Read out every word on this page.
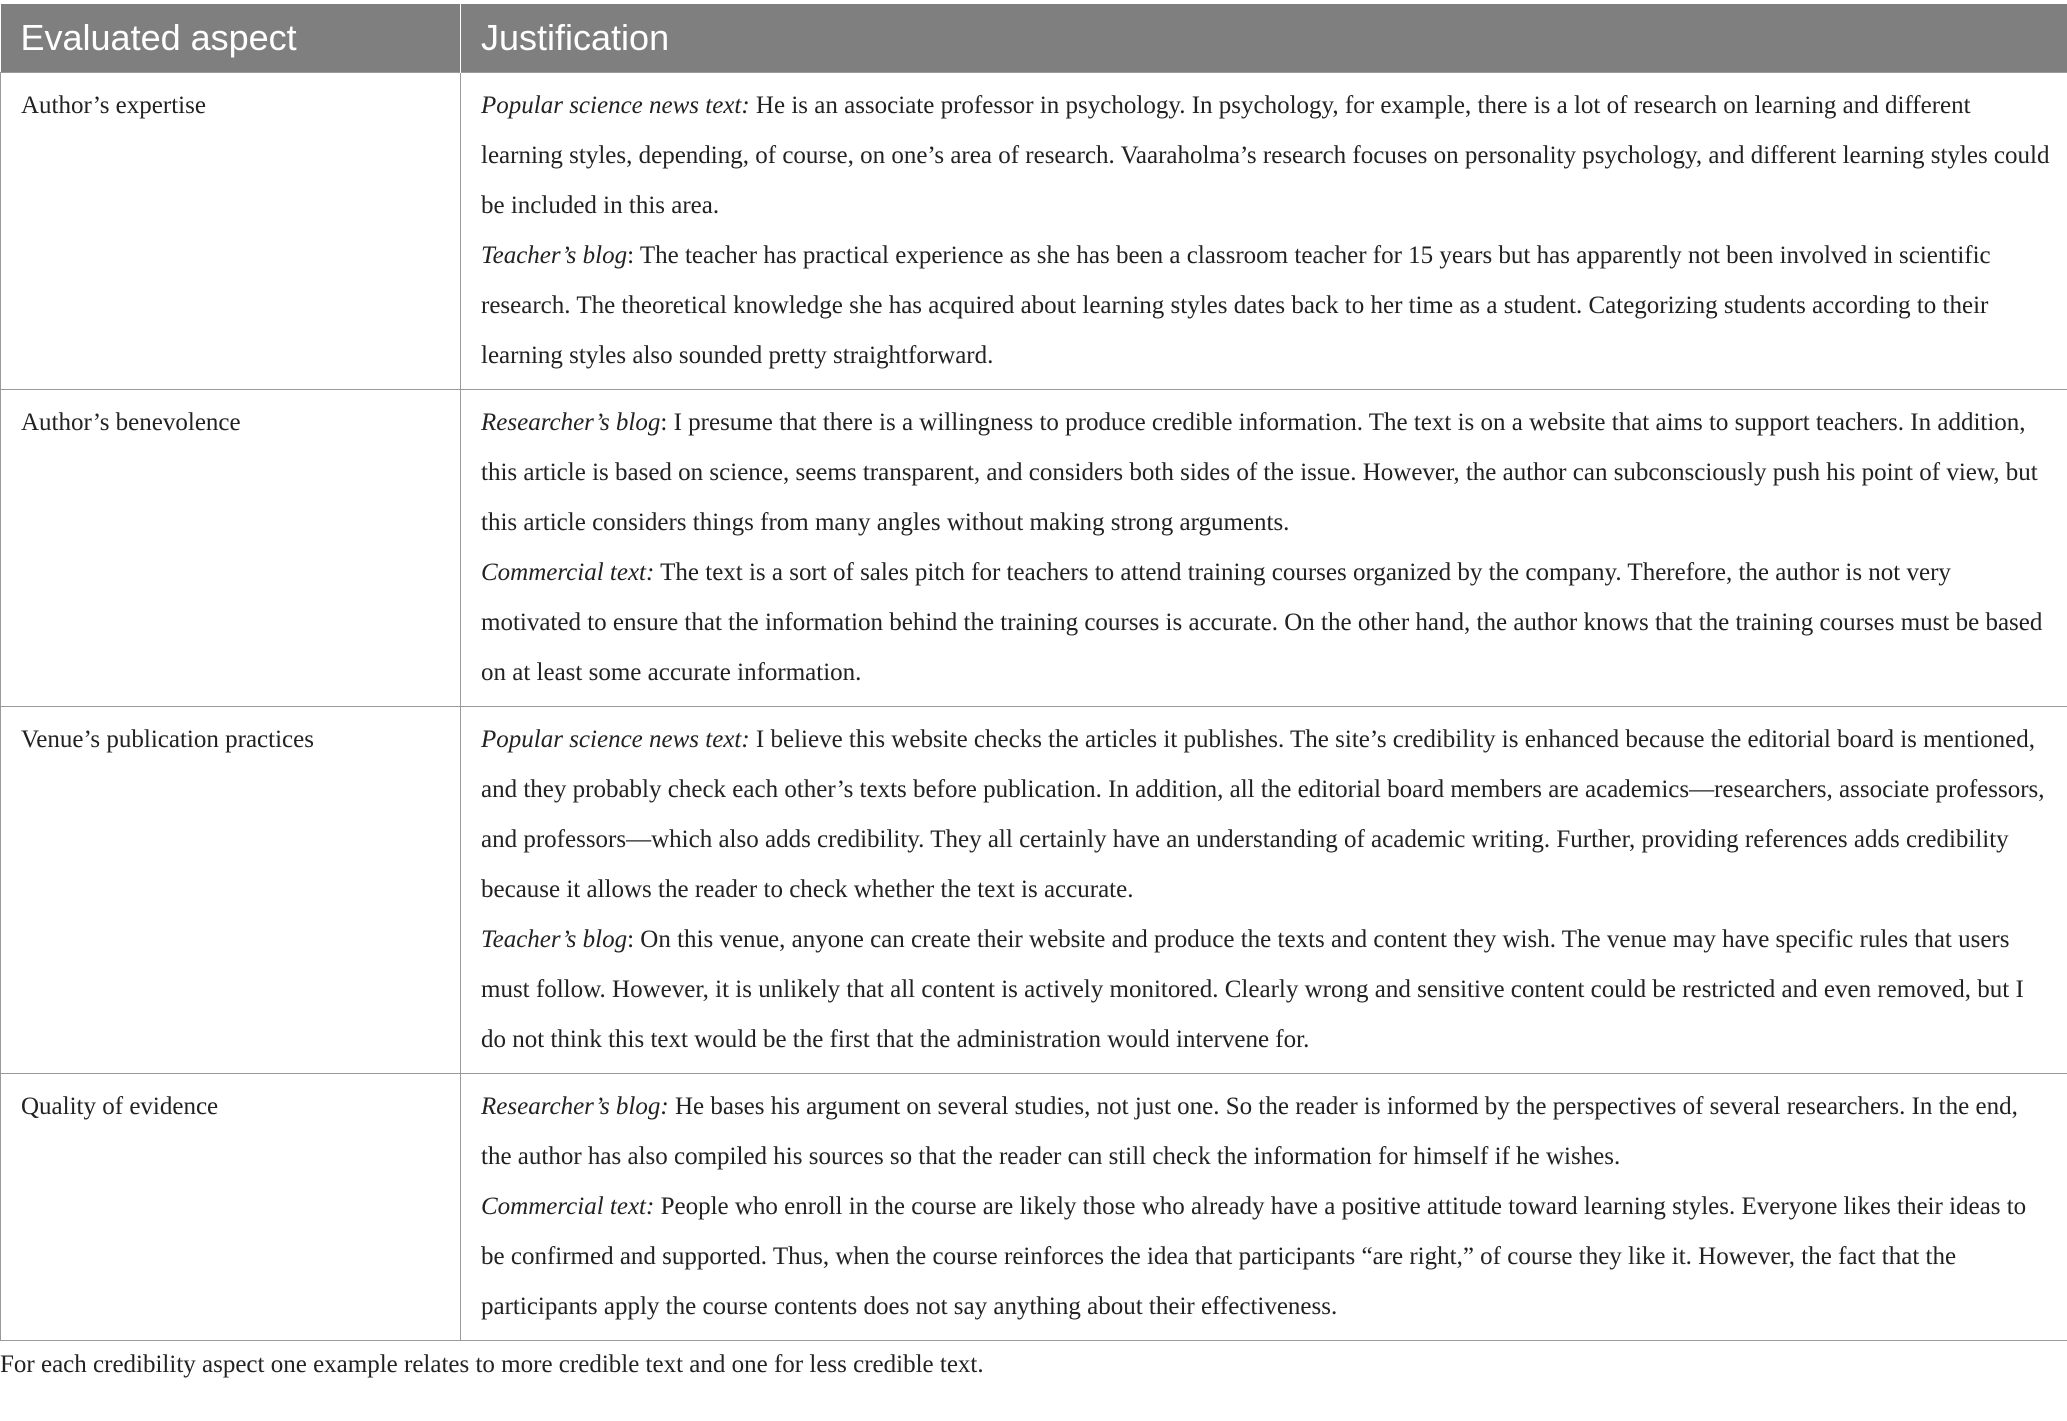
Evaluated aspect	Justification
Author’s expertise	Popular science news text: He is an associate professor in psychology. In psychology, for example, there is a lot of research on learning and different learning styles, depending, of course, on one’s area of research. Vaaraholma’s research focuses on personality psychology, and different learning styles could be included in this area.
Teacher’s blog: The teacher has practical experience as she has been a classroom teacher for 15 years but has apparently not been involved in scientific research. The theoretical knowledge she has acquired about learning styles dates back to her time as a student. Categorizing students according to their learning styles also sounded pretty straightforward.

Author’s benevolence	Researcher’s blog: I presume that there is a willingness to produce credible information. The text is on a website that aims to support teachers. In addition, this article is based on science, seems transparent, and considers both sides of the issue. However, the author can subconsciously push his point of view, but this article considers things from many angles without making strong arguments.
Commercial text: The text is a sort of sales pitch for teachers to attend training courses organized by the company. Therefore, the author is not very motivated to ensure that the information behind the training courses is accurate. On the other hand, the author knows that the training courses must be based on at least some accurate information.

Venue’s publication practices	Popular science news text: I believe this website checks the articles it publishes. The site’s credibility is enhanced because the editorial board is mentioned, and they probably check each other’s texts before publication. In addition, all the editorial board members are academics—researchers, associate professors, and professors—which also adds credibility. They all certainly have an understanding of academic writing. Further, providing references adds credibility because it allows the reader to check whether the text is accurate.
Teacher’s blog: On this venue, anyone can create their website and produce the texts and content they wish. The venue may have specific rules that users must follow. However, it is unlikely that all content is actively monitored. Clearly wrong and sensitive content could be restricted and even removed, but I do not think this text would be the first that the administration would intervene for.

Quality of evidence	Researcher’s blog: He bases his argument on several studies, not just one. So the reader is informed by the perspectives of several researchers. In the end, the author has also compiled his sources so that the reader can still check the information for himself if he wishes.
Commercial text: People who enroll in the course are likely those who already have a positive attitude toward learning styles. Everyone likes their ideas to be confirmed and supported. Thus, when the course reinforces the idea that participants “are right,” of course they like it. However, the fact that the participants apply the course contents does not say anything about their effectiveness.
For each credibility aspect one example relates to more credible text and one for less credible text.
